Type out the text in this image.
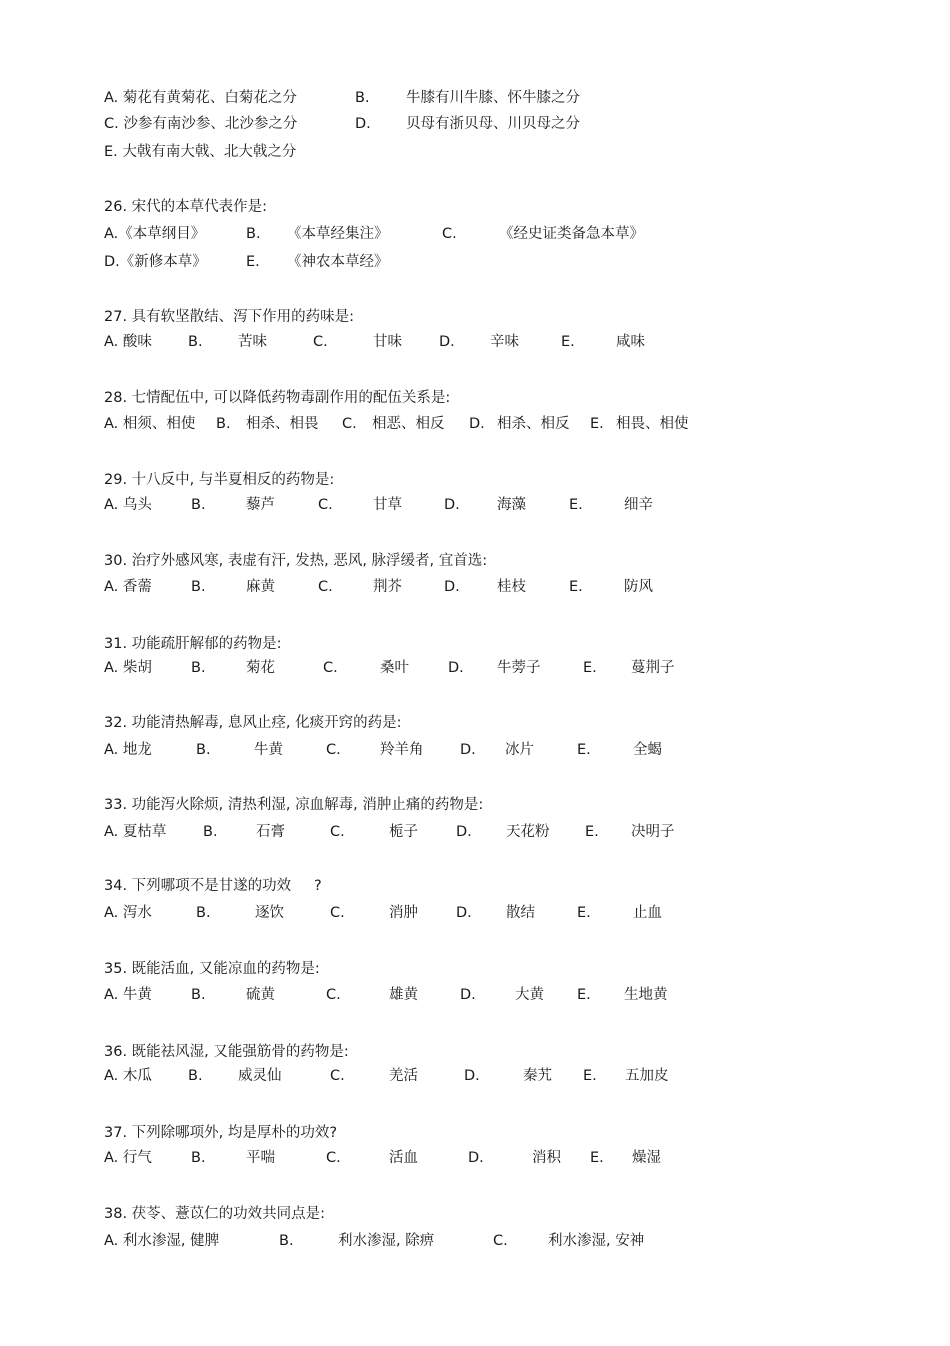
A. 菊花有黄菊花、白菊花之分	B.	牛膝有川牛膝、怀牛膝之分
C. 沙参有南沙参、北沙参之分	D. 贝母有浙贝母、川贝母之分
E. 大戟有南大戟、北大戟之分
26. 宋代的本草代表作是:
A.《本草纲目》	B. 《本草经集注》	C.	《经史证类备急本草》
D.《新修本草》	E. 《神农本草经》
27. 具有软坚散结、泻下作用的药味是:
A. 酸味 B. 苦味	C.	甘味	D. 辛味	E.	咸味
28. 七情配伍中, 可以降低药物毒副作用的配伍关系是:
A. 相须、相使 B. 相杀、相畏 C. 相恶、相反 D. 相杀、相反 E. 相畏、相使
29. 十八反中, 与半夏相反的药物是:
A. 乌头	B.	藜芦	C.	甘草	D.	海藻	E.	细辛
30. 治疗外感风寒, 表虚有汗, 发热, 恶风, 脉浮缓者, 宜首选:
A. 香薷	B.	麻黄	C.	荆芥	D.	桂枝	E.	防风
31. 功能疏肝解郁的药物是:
A. 柴胡	B.	菊花	C.	桑叶	D. 牛蒡子	E. 蔓荆子
32. 功能清热解毒, 息风止痉, 化痰开窍的药是:
A. 地龙	B.	牛黄	C.	羚羊角	D. 冰片	E.	全蝎
33. 功能泻火除烦, 清热利湿, 凉血解毒, 消肿止痛的药物是:
A. 夏枯草	B.	石膏	C.	栀子	D. 天花粉 E. 决明子
34. 下列哪项不是甘遂的功效 ?
A. 泻水	B.	逐饮	C.	消肿	D. 散结	E.	止血
35. 既能活血, 又能凉血的药物是:
A. 牛黄	B.	硫黄	C.	雄黄	D.	大黄 E. 生地黄
36. 既能祛风湿, 又能强筋骨的药物是:
A. 木瓜 B. 威灵仙	C.	羌活	D.	秦艽 E. 五加皮
37. 下列除哪项外, 均是厚朴的功效?
A. 行气	B.	平喘	C.	活血	D.	消积 E. 燥湿
38. 茯苓、薏苡仁的功效共同点是:
A. 利水渗湿, 健脾	B.	利水渗湿, 除痹	C.	利水渗湿, 安神
